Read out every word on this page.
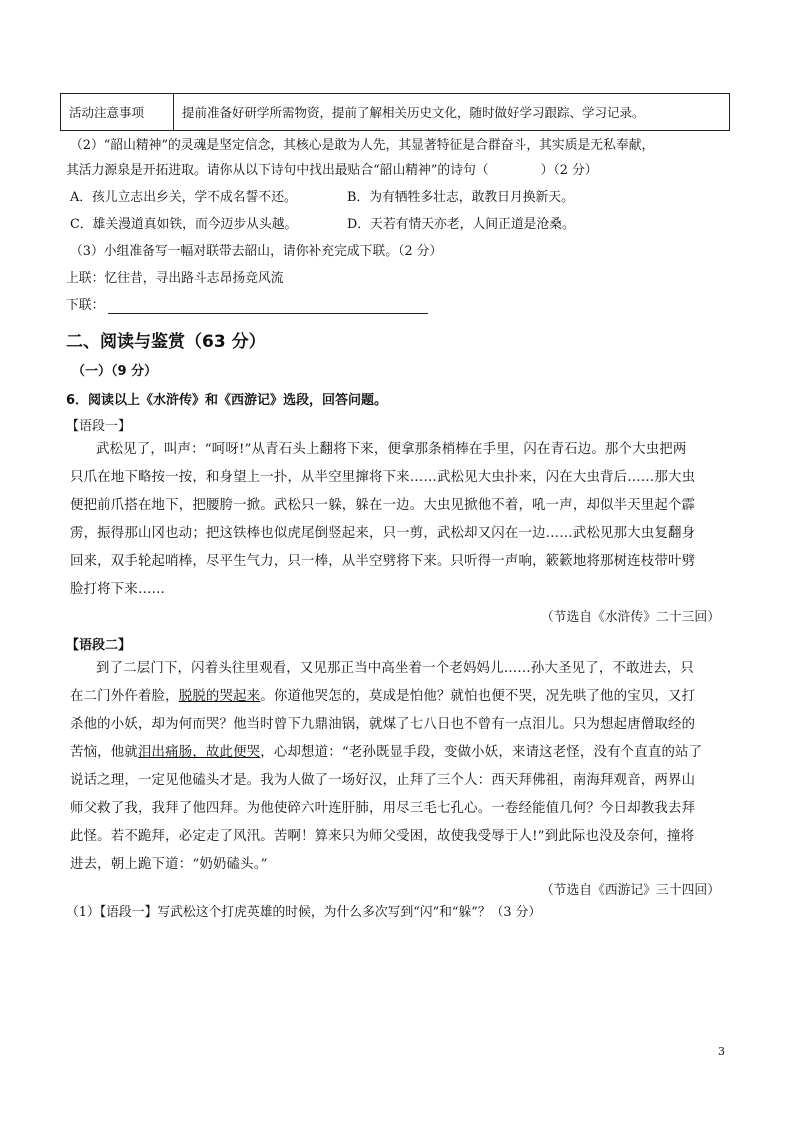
活动注意事项	提前准备好研学所需物资，提前了解相关历史文化，随时做好学习跟踪、学习记录。
（2）“韶山精神”的灵魂是坚定信念，其核心是敢为人先，其显著特征是合群奋斗，其实质是无私奉献，
其活力源泉是开拓进取。请你从以下诗句中找出最贴合“韶山精神”的诗句（	）（2 分）
A．孩儿立志出乡关，学不成名誓不还。	B．为有牺牲多壮志，敢教日月换新天。
C．雄关漫道真如铁，而今迈步从头越。	D．天若有情天亦老，人间正道是沧桑。
（3）小组准备写一幅对联带去韶山，请你补充完成下联。（2 分）
上联：忆往昔，寻出路斗志昂扬竞风流
下联：
二、阅读与鉴赏（63 分）
（一）（9 分）
6．阅读以上《水浒传》和《西游记》选段，回答问题。
【语段一】
武松见了，叫声：“呵呀!”从青石头上翻将下来，便拿那条梢棒在手里，闪在青石边。那个大虫把两
只爪在地下略按一按，和身望上一扑，从半空里撺将下来……武松见大虫扑来，闪在大虫背后……那大虫
便把前爪搭在地下，把腰胯一掀。武松只一躲，躲在一边。大虫见掀他不着，吼一声，却似半天里起个霹
雳，振得那山冈也动；把这铁棒也似虎尾倒竖起来，只一剪，武松却又闪在一边……武松见那大虫复翻身
回来，双手轮起哨棒，尽平生气力，只一棒，从半空劈将下来。只听得一声响，簌簌地将那树连枝带叶劈
脸打将下来……
（节选自《水浒传》二十三回）
【语段二】
到了二层门下，闪着头往里观看，又见那正当中高坐着一个老妈妈儿……孙大圣见了，不敢进去，只
在二门外仵着脸，脱脱的哭起来。你道他哭怎的，莫成是怕他？就怕也便不哭，况先哄了他的宝贝，又打
杀他的小妖，却为何而哭？他当时曾下九鼎油锅，就煤了七八日也不曾有一点泪儿。只为想起唐僧取经的
苦恼，他就泪出痛肠，故此便哭，心却想道：“老孙既显手段，变做小妖，来请这老怪，没有个直直的站了
说话之理，一定见他磕头才是。我为人做了一场好汉，止拜了三个人：西天拜佛祖，南海拜观音，两界山
师父救了我，我拜了他四拜。为他使碎六叶连肝肺，用尽三毛七孔心。一卷经能值几何？今日却教我去拜
此怪。若不跪拜，必定走了风汛。苦啊！算来只为师父受困，故使我受辱于人!”到此际也没及奈何，撞将
进去，朝上跪下道：“奶奶磕头。”
（节选自《西游记》三十四回）
（1）【语段一】写武松这个打虎英雄的时候，为什么多次写到“闪”和“躲”？（3 分）
3
